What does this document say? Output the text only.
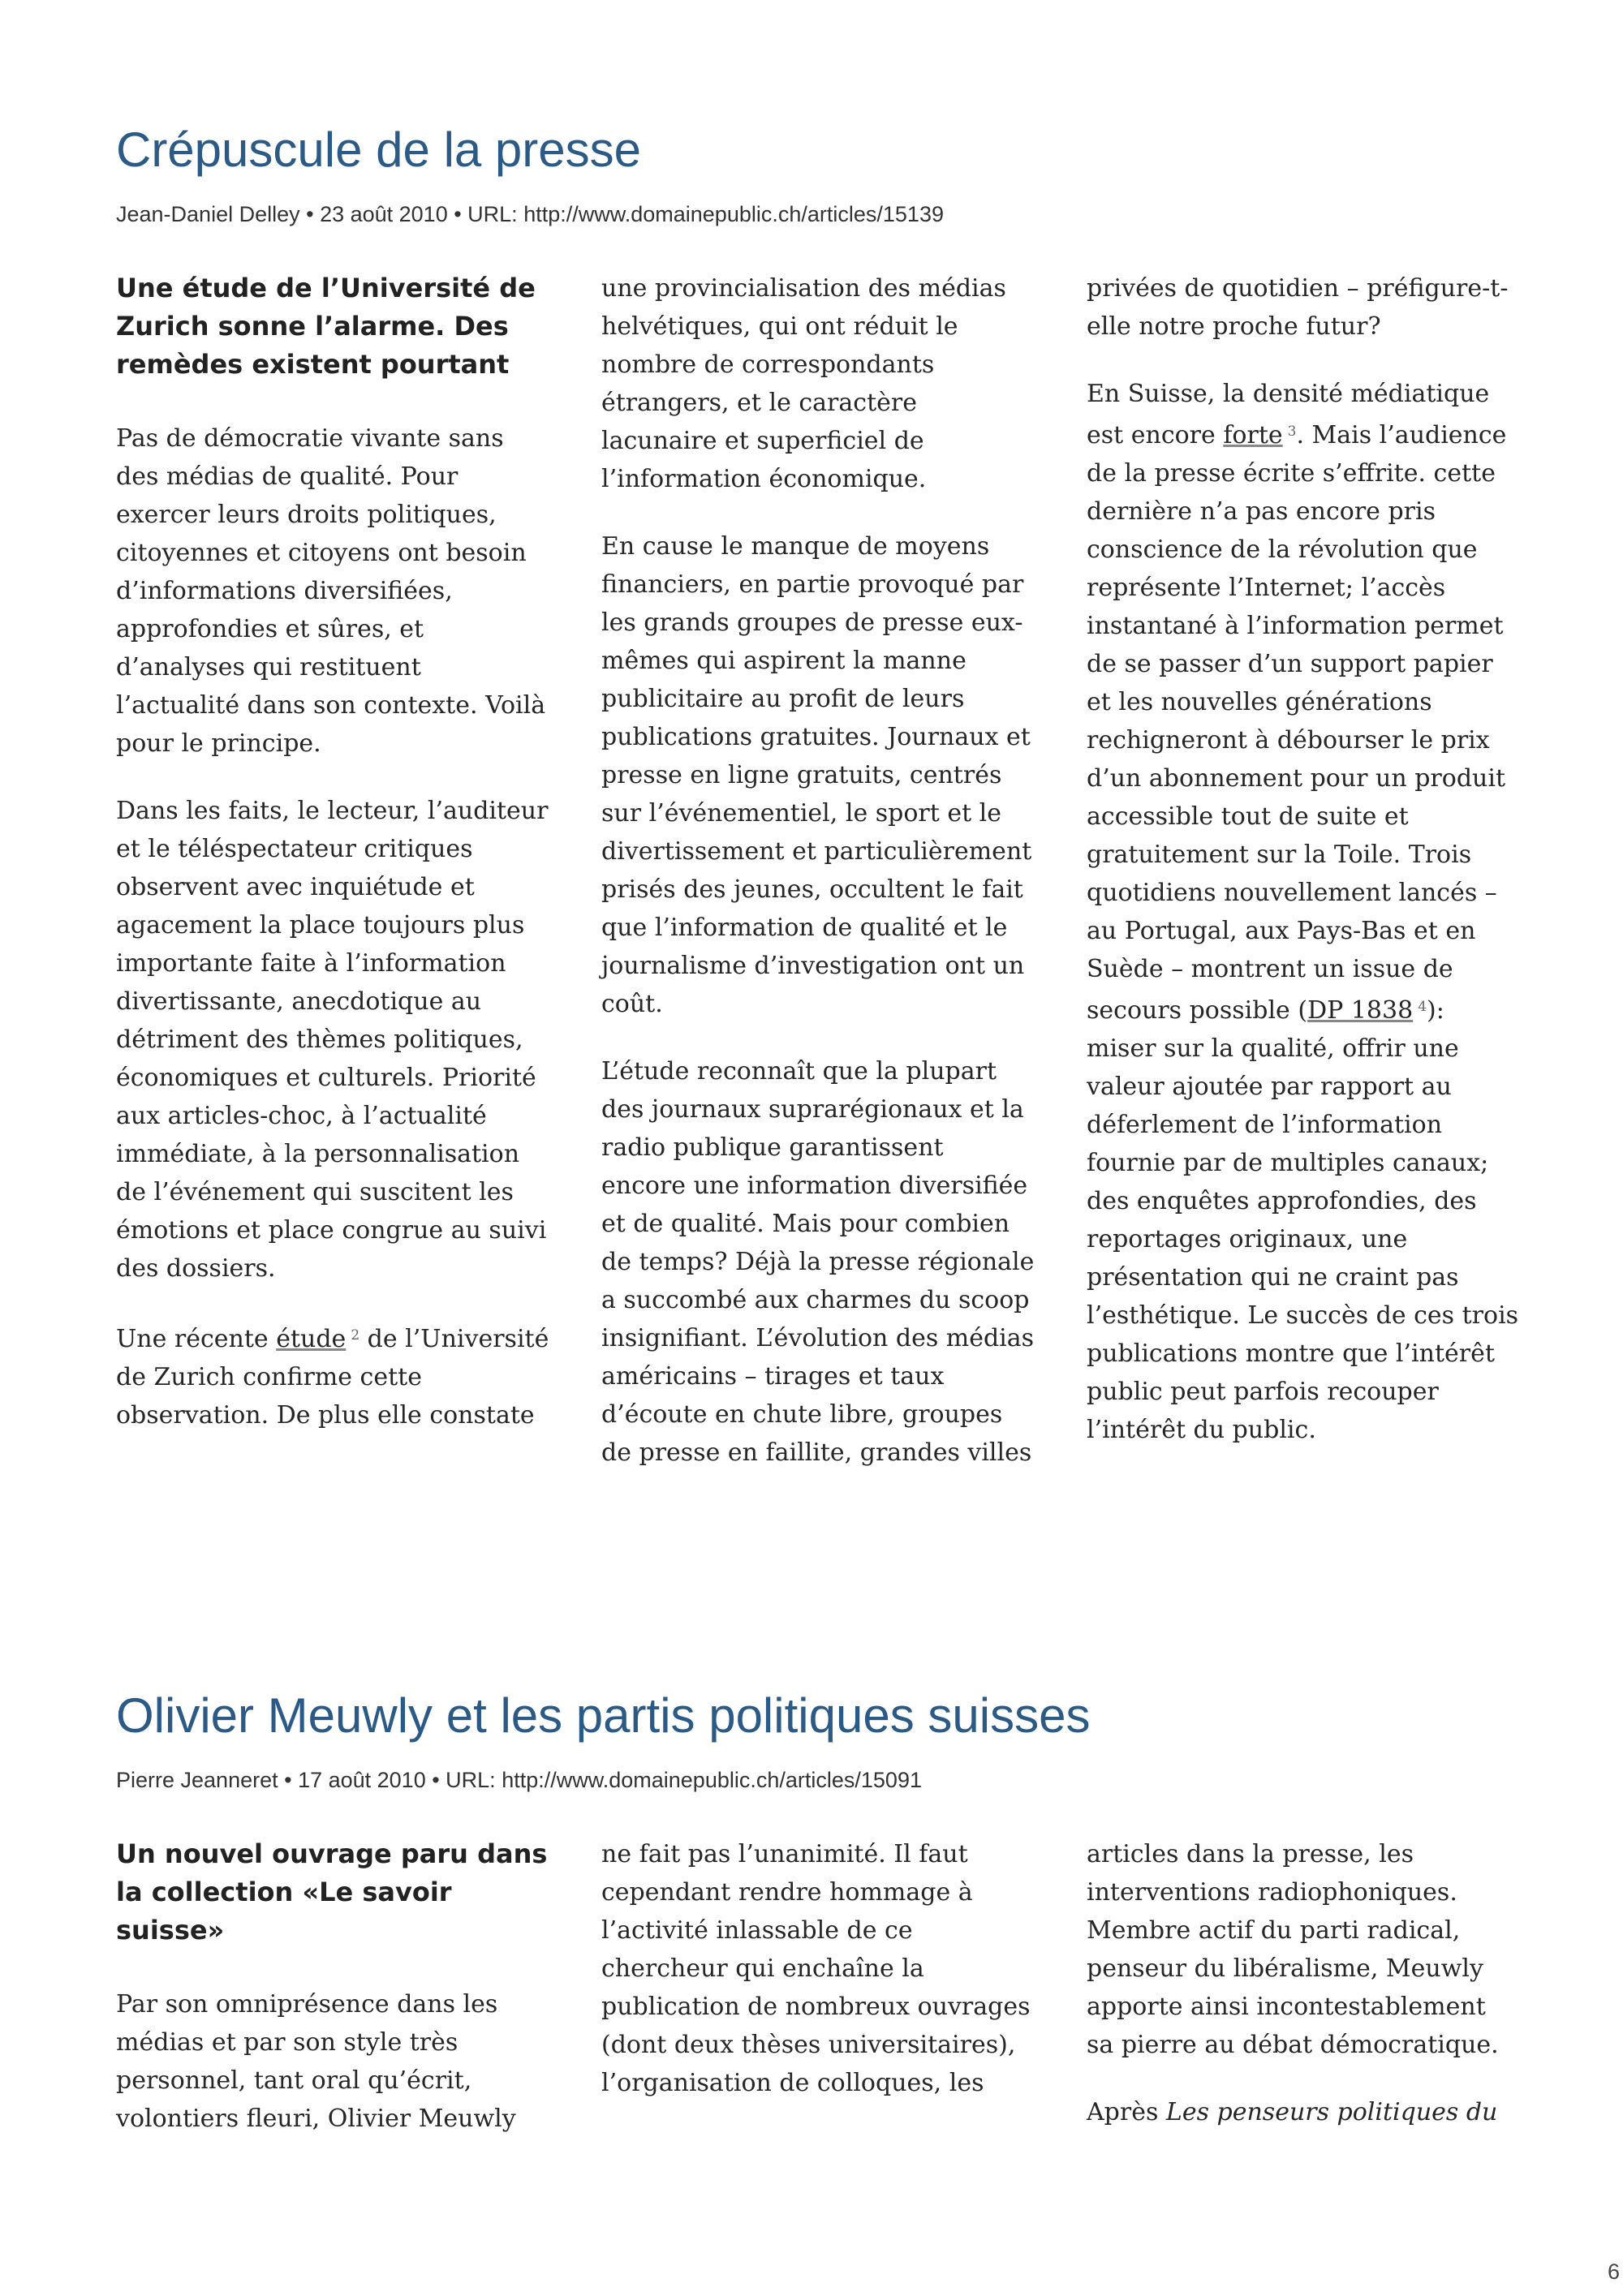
Crépuscule de la presse
Jean-Daniel Delley • 23 août 2010 • URL: http://www.domainepublic.ch/articles/15139
Une étude de l’Université de Zurich sonne l’alarme. Des remèdes existent pourtant

Pas de démocratie vivante sans des médias de qualité. Pour exercer leurs droits politiques, citoyennes et citoyens ont besoin d’informations diversifiées, approfondies et sûres, et d’analyses qui restituent l’actualité dans son contexte. Voilà pour le principe.

Dans les faits, le lecteur, l’auditeur et le téléspectateur critiques observent avec inquiétude et agacement la place toujours plus importante faite à l’information divertissante, anecdotique au détriment des thèmes politiques, économiques et culturels. Priorité aux articles-choc, à l’actualité immédiate, à la personnalisation de l’événement qui suscitent les émotions et place congrue au suivi des dossiers.

Une récente étude $^2$ de l’Université de Zurich confirme cette observation. De plus elle constate une provincialisation des médias helvétiques, qui ont réduit le nombre de correspondants étrangers, et le caractère lacunaire et superficiel de l’information économique.

En cause le manque de moyens financiers, en partie provoqué par les grands groupes de presse eux-mêmes qui aspirent la manne publicitaire au profit de leurs publications gratuites. Journaux et presse en ligne gratuits, centrés sur l’événementiel, le sport et le divertissement et particulièrement prisés des jeunes, occultent le fait que l’information de qualité et le journalisme d’investigation ont un coût.

L’étude reconnaît que la plupart des journaux suprarégionaux et la radio publique garantissent encore une information diversifiée et de qualité. Mais pour combien de temps? Déjà la presse régionale a succombé aux charmes du scoop insignifiant. L’évolution des médias américains – tirages et taux d’écoute en chute libre, groupes de presse en faillite, grandes villes privées de quotidien – préfigure-t-elle notre proche futur?

En Suisse, la densité médiatique est encore forte $^3$. Mais l’audience de la presse écrite s’effrite. cette dernière n’a pas encore pris conscience de la révolution que représente l’Internet; l’accès instantané à l’information permet de se passer d’un support papier et les nouvelles générations rechigneront à débourser le prix d’un abonnement pour un produit accessible tout de suite et gratuitement sur la Toile. Trois quotidiens nouvellement lancés – au Portugal, aux Pays-Bas et en Suède – montrent un issue de secours possible (DP 1838 $^4$): miser sur la qualité, offrir une valeur ajoutée par rapport au déferlement de l’information fournie par de multiples canaux; des enquêtes approfondies, des reportages originaux, une présentation qui ne craint pas l’esthétique. Le succès de ces trois publications montre que l’intérêt public peut parfois recouper l’intérêt du public.

Olivier Meuwly et les partis politiques suisses
Pierre Jeanneret • 17 août 2010 • URL: http://www.domainepublic.ch/articles/15091
Un nouvel ouvrage paru dans la collection «Le savoir suisse»

Par son omniprésence dans les médias et par son style très personnel, tant oral qu’écrit, volontiers fleuri, Olivier Meuwly ne fait pas l’unanimité. Il faut cependant rendre hommage à l’activité inlassable de ce chercheur qui enchaîne la publication de nombreux ouvrages (dont deux thèses universitaires), l’organisation de colloques, les articles dans la presse, les interventions radiophoniques. Membre actif du parti radical, penseur du libéralisme, Meuwly apporte ainsi incontestablement sa pierre au débat démocratique.

Après Les penseurs politiques du

6
